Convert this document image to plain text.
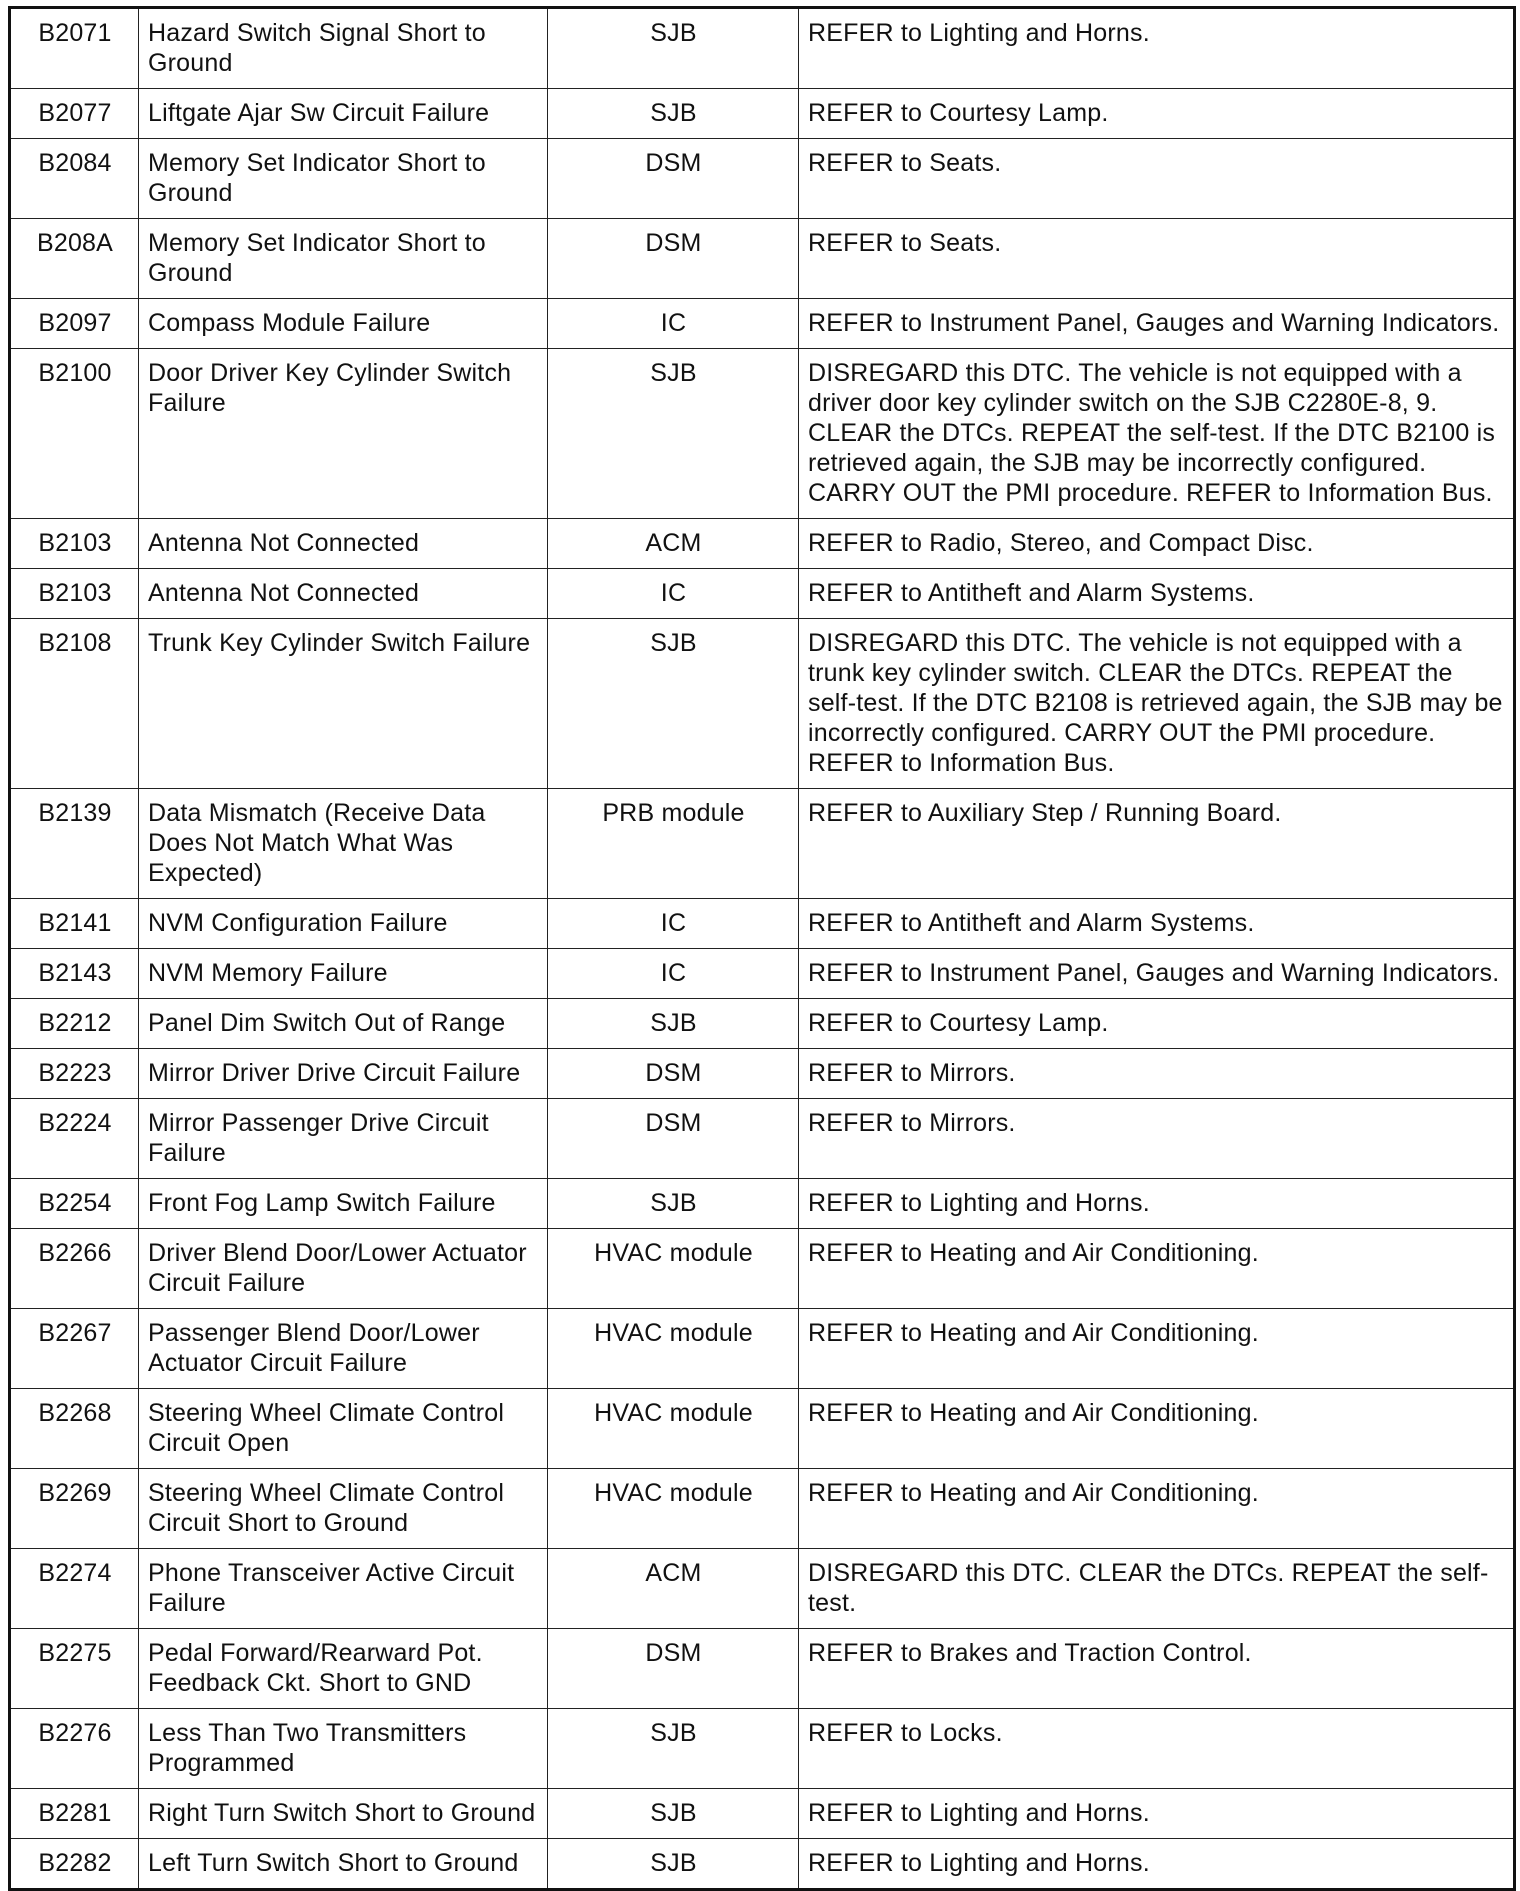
B2071	Hazard Switch Signal Short to Ground	SJB	REFER to Lighting and Horns.
B2077	Liftgate Ajar Sw Circuit Failure	SJB	REFER to Courtesy Lamp.
B2084	Memory Set Indicator Short to Ground	DSM	REFER to Seats.
B208A	Memory Set Indicator Short to Ground	DSM	REFER to Seats.
B2097	Compass Module Failure	IC	REFER to Instrument Panel, Gauges and Warning Indicators.
B2100	Door Driver Key Cylinder Switch Failure	SJB	DISREGARD this DTC. The vehicle is not equipped with a driver door key cylinder switch on the SJB C2280E-8, 9. CLEAR the DTCs. REPEAT the self-test. If the DTC B2100 is retrieved again, the SJB may be incorrectly configured. CARRY OUT the PMI procedure. REFER to Information Bus.
B2103	Antenna Not Connected	ACM	REFER to Radio, Stereo, and Compact Disc.
B2103	Antenna Not Connected	IC	REFER to Antitheft and Alarm Systems.
B2108	Trunk Key Cylinder Switch Failure	SJB	DISREGARD this DTC. The vehicle is not equipped with a trunk key cylinder switch. CLEAR the DTCs. REPEAT the self-test. If the DTC B2108 is retrieved again, the SJB may be incorrectly configured. CARRY OUT the PMI procedure. REFER to Information Bus.
B2139	Data Mismatch (Receive Data Does Not Match What Was Expected)	PRB module	REFER to Auxiliary Step / Running Board.
B2141	NVM Configuration Failure	IC	REFER to Antitheft and Alarm Systems.
B2143	NVM Memory Failure	IC	REFER to Instrument Panel, Gauges and Warning Indicators.
B2212	Panel Dim Switch Out of Range	SJB	REFER to Courtesy Lamp.
B2223	Mirror Driver Drive Circuit Failure	DSM	REFER to Mirrors.
B2224	Mirror Passenger Drive Circuit Failure	DSM	REFER to Mirrors.
B2254	Front Fog Lamp Switch Failure	SJB	REFER to Lighting and Horns.
B2266	Driver Blend Door/Lower Actuator Circuit Failure	HVAC module	REFER to Heating and Air Conditioning.
B2267	Passenger Blend Door/Lower Actuator Circuit Failure	HVAC module	REFER to Heating and Air Conditioning.
B2268	Steering Wheel Climate Control Circuit Open	HVAC module	REFER to Heating and Air Conditioning.
B2269	Steering Wheel Climate Control Circuit Short to Ground	HVAC module	REFER to Heating and Air Conditioning.
B2274	Phone Transceiver Active Circuit Failure	ACM	DISREGARD this DTC. CLEAR the DTCs. REPEAT the self-test.
B2275	Pedal Forward/Rearward Pot. Feedback Ckt. Short to GND	DSM	REFER to Brakes and Traction Control.
B2276	Less Than Two Transmitters Programmed	SJB	REFER to Locks.
B2281	Right Turn Switch Short to Ground	SJB	REFER to Lighting and Horns.
B2282	Left Turn Switch Short to Ground	SJB	REFER to Lighting and Horns.
